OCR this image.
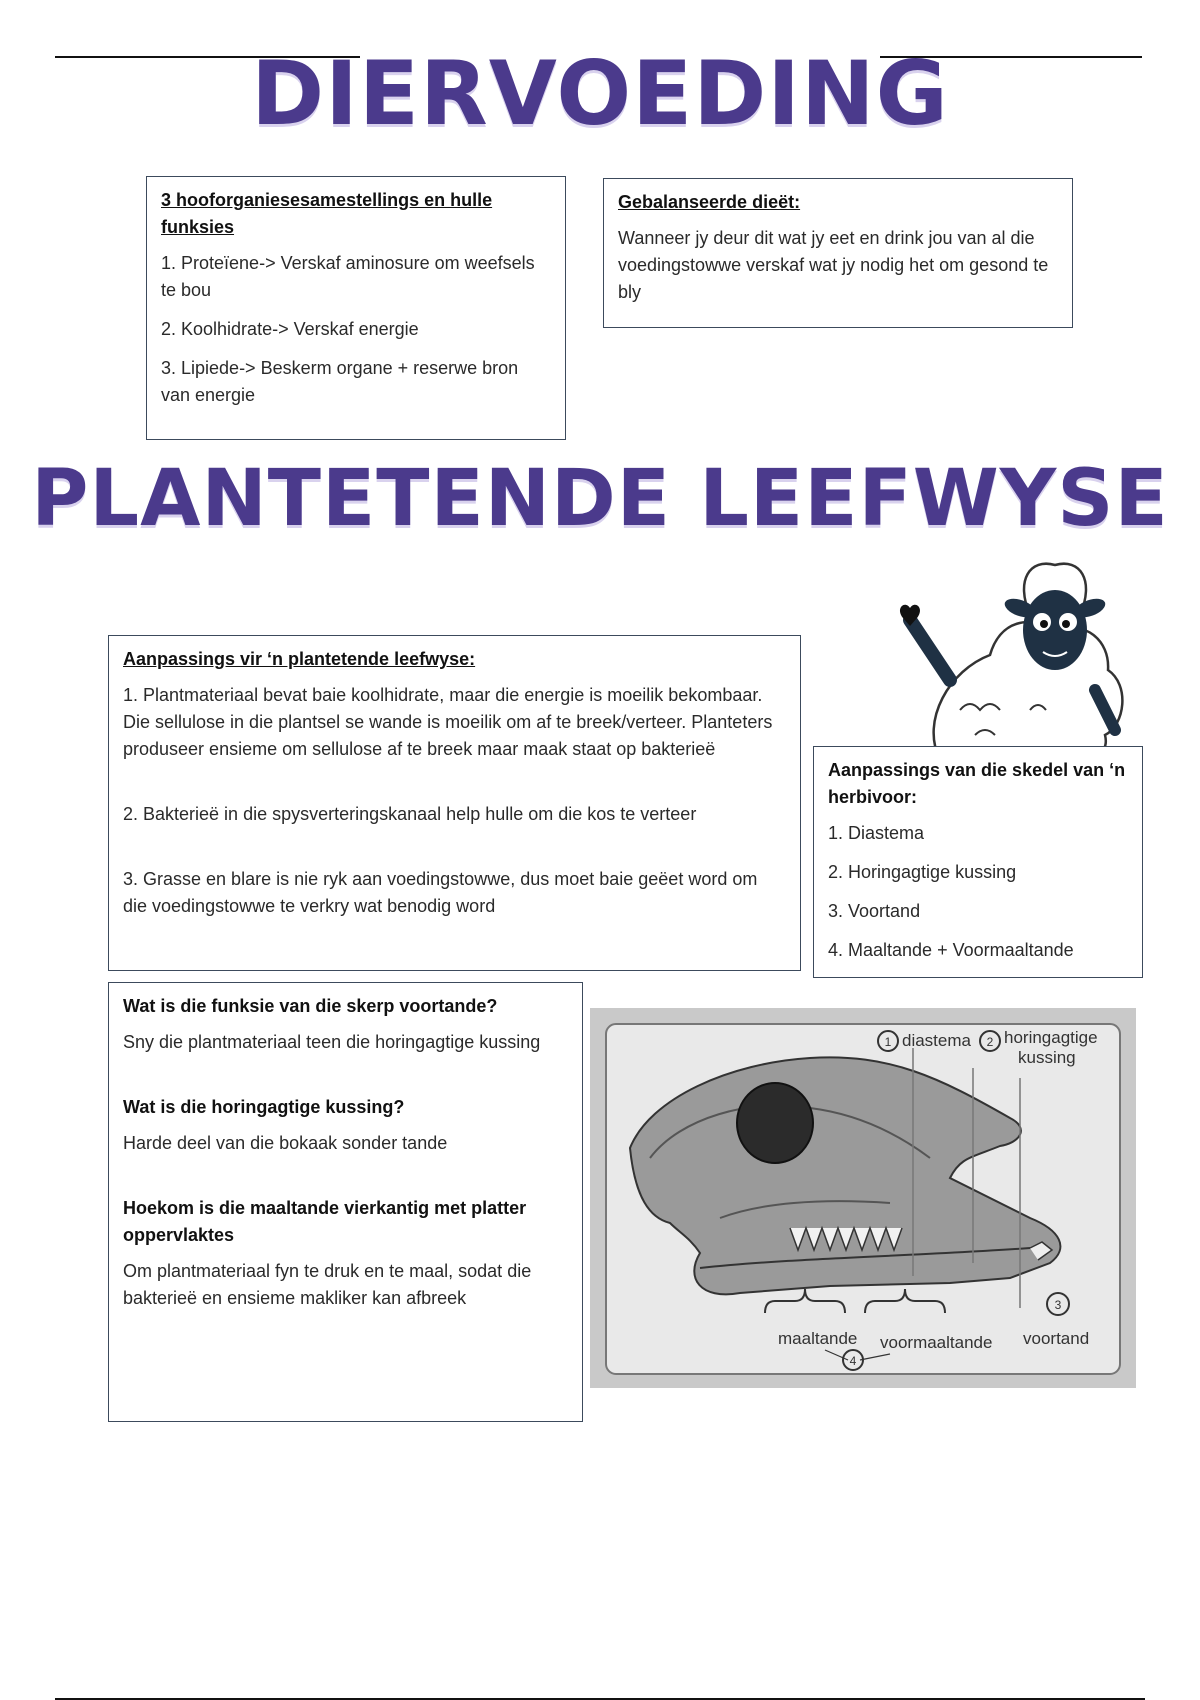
DIERVOEDING
3 hooforganiesesamestellings en hulle funksies

1. Proteïene-> Verskaf aminosure om weefsels te bou

2. Koolhidrate-> Verskaf energie

3. Lipiede-> Beskerm organe + reserwe bron van energie

Gebalanseerde dieët:

Wanneer jy deur dit wat jy eet en drink jou van al die voedingstowwe verskaf wat jy nodig het om gesond te bly

PLANTETENDE LEEFWYSE
Aanpassings vir ‘n plantetende leefwyse:

1. Plantmateriaal bevat baie koolhidrate, maar die energie is moeilik bekombaar. Die sellulose in die plantsel se wande is moeilik om af te breek/verteer. Planteters produseer ensieme om sellulose af te breek maar maak staat op bakterieë

2. Bakterieë in die spysverteringskanaal help hulle om die kos te verteer

3. Grasse en blare is nie ryk aan voedingstowwe, dus moet baie geëet word om die voedingstowwe te verkry wat benodig word

Aanpassings van die skedel van ‘n herbivoor:

1. Diastema

2. Horingagtige kussing

3. Voortand

4. Maaltande + Voormaaltande

Wat is die funksie van die skerp voortande?

Sny die plantmateriaal teen die horingagtige kussing

Wat is die horingagtige kussing?

Harde deel van die bokaak sonder tande

Hoekom is die maaltande vierkantig met platter oppervlaktes

Om plantmateriaal fyn te druk en te maal, sodat die bakterieë en ensieme makliker kan afbreek

1	2
3
4
diastema horingagtige
kussing
maaltande voormaaltande voortand
